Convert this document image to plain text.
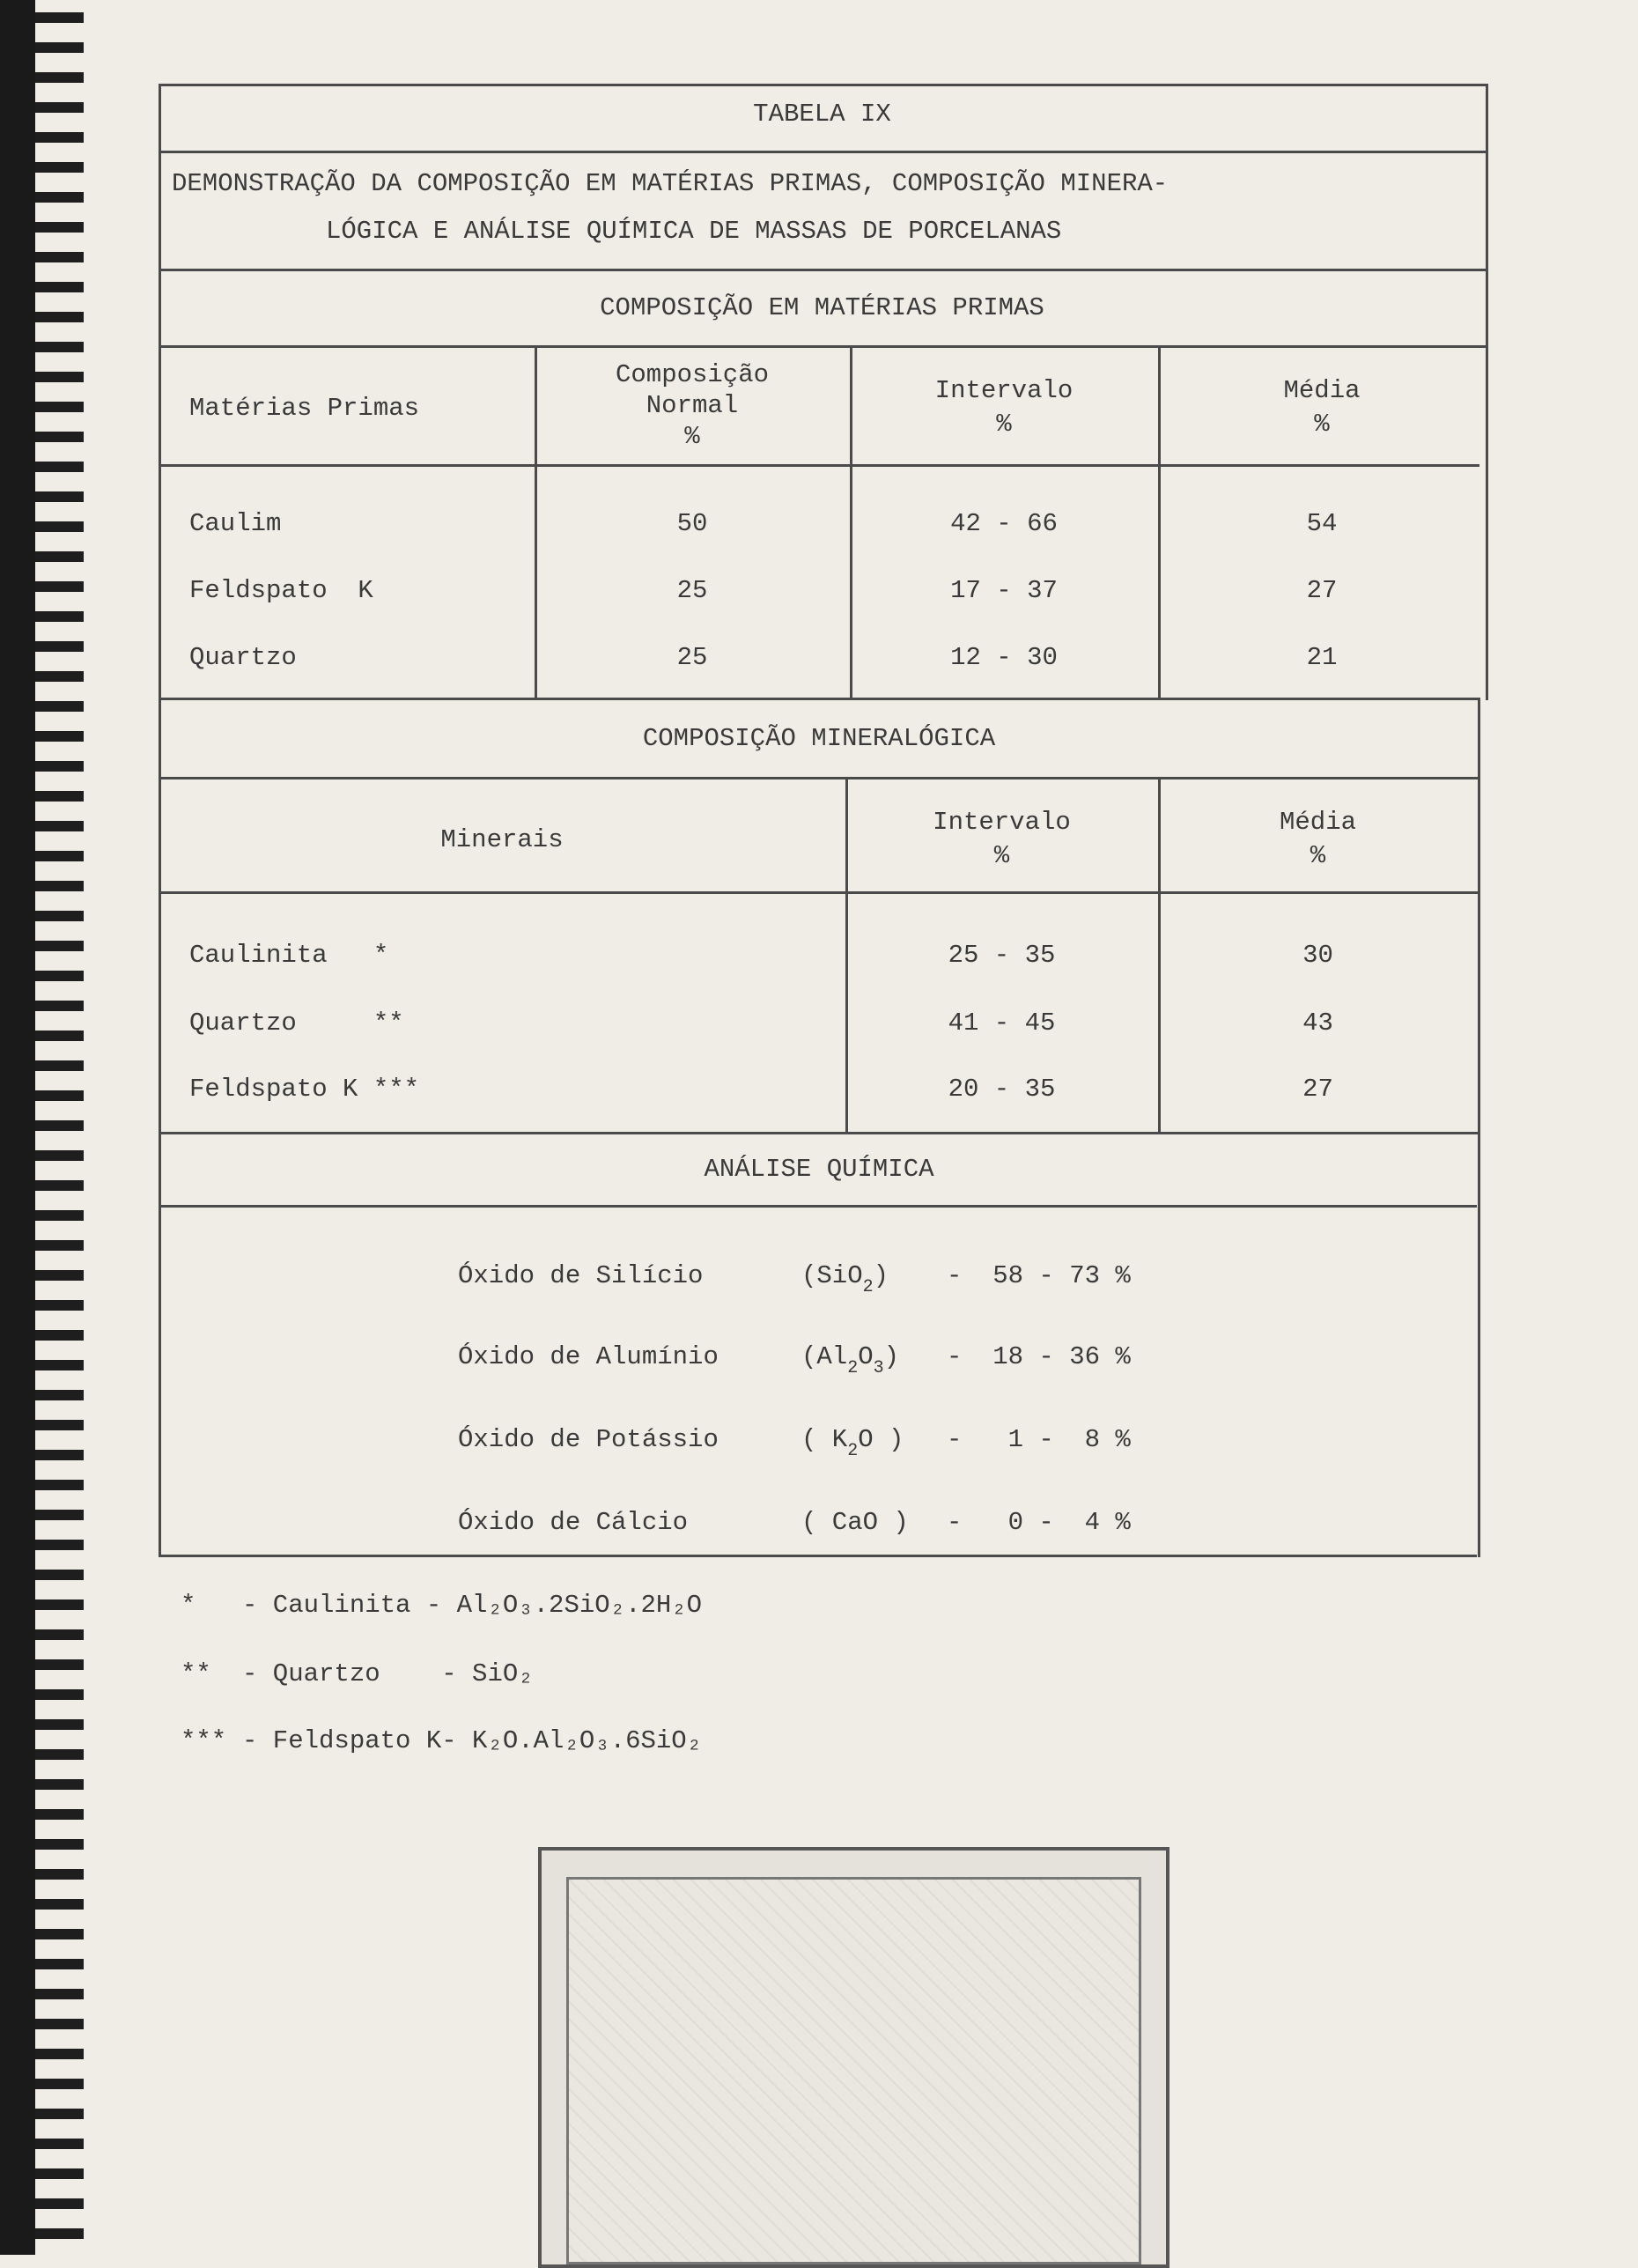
TABELA IX
DEMONSTRAÇÃO DA COMPOSIÇÃO EM MATÉRIAS PRIMAS, COMPOSIÇÃO MINERA-
LÓGICA E ANÁLISE QUÍMICA DE MASSAS DE PORCELANAS
COMPOSIÇÃO EM MATÉRIAS PRIMAS
Matérias Primas
Composição
Normal
%
Intervalo
%
Média
%
Caulim	50	42 - 66	54
Feldspato  K	25	17 - 37	27
Quartzo	25	12 - 30	21
COMPOSIÇÃO MINERALÓGICA
Minerais
Intervalo
%
Média
%
Caulinita   *	25 - 35	30
Quartzo     **	41 - 45	43
Feldspato K ***	20 - 35	27
ANÁLISE QUÍMICA
Óxido de Silício	(SiO$_2$) -  58 - 73 %
Óxido de Alumínio	$(Al_2O_3) - 18 - 36$ %
Óxido de Potássio	( $K_2O$ ) -   1 -  8 %
Óxido de Cálcio	( CaO ) -   0 -  4 %
* - Caulinita - Al₂O₃.2SiO₂.2H₂O
** - Quartzo    - SiO₂
*** - Feldspato K- K₂O.Al₂O₃.6SiO₂
